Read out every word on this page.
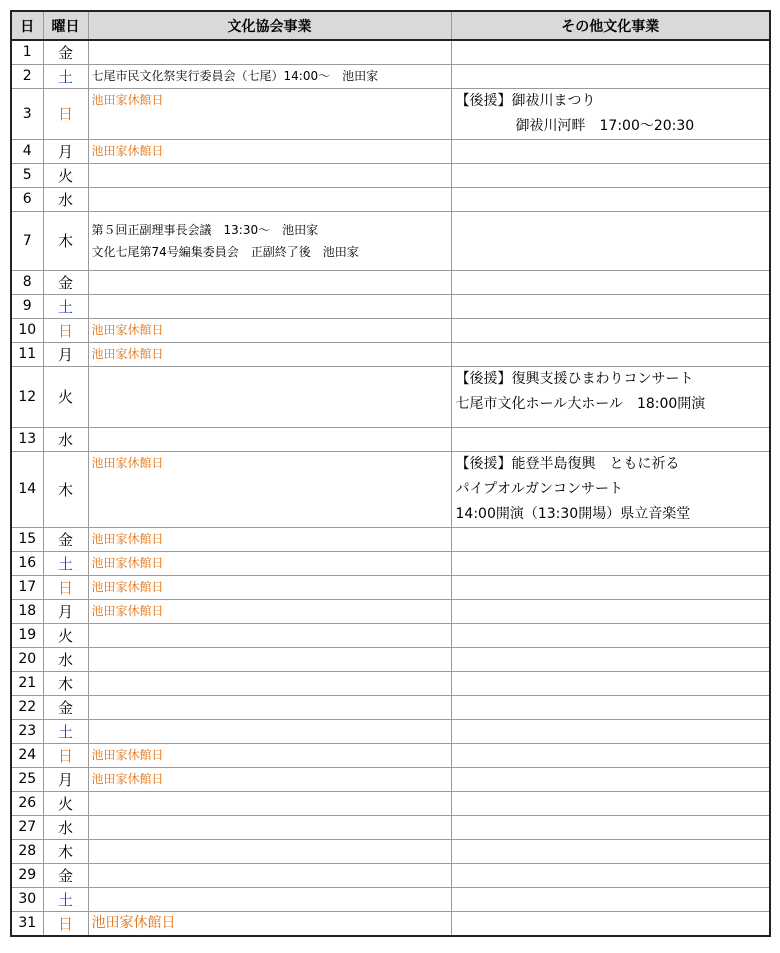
日	曜日	文化協会事業	その他文化事業
1	金		
2	土	七尾市民文化祭実行委員会（七尾）14:00～　池田家	

3	日	池田家休館日	【後援】御祓川まつり
御祓川河畔　17:00～20:30

4	月	池田家休館日	

5	火		
6	水		
7	木	第５回正副理事長会議　13:30～　池田家
文化七尾第74号編集委員会　正副終了後　池田家	

8	金		
9	土		
10	日	池田家休館日	

11	月	池田家休館日	

12	火		【後援】復興支援ひまわりコンサート
七尾市文化ホール大ホール　18:00開演

13	水		
14	木	池田家休館日	【後援】能登半島復興　ともに祈る
パイプオルガンコンサート
14:00開演（13:30開場）県立音楽堂

15	金	池田家休館日	

16	土	池田家休館日	

17	日	池田家休館日	

18	月	池田家休館日	

19	火		
20	水		
21	木		
22	金		
23	土		
24	日	池田家休館日	

25	月	池田家休館日	

26	火		
27	水		
28	木		
29	金		
30	土		
31	日	池田家休館日	
